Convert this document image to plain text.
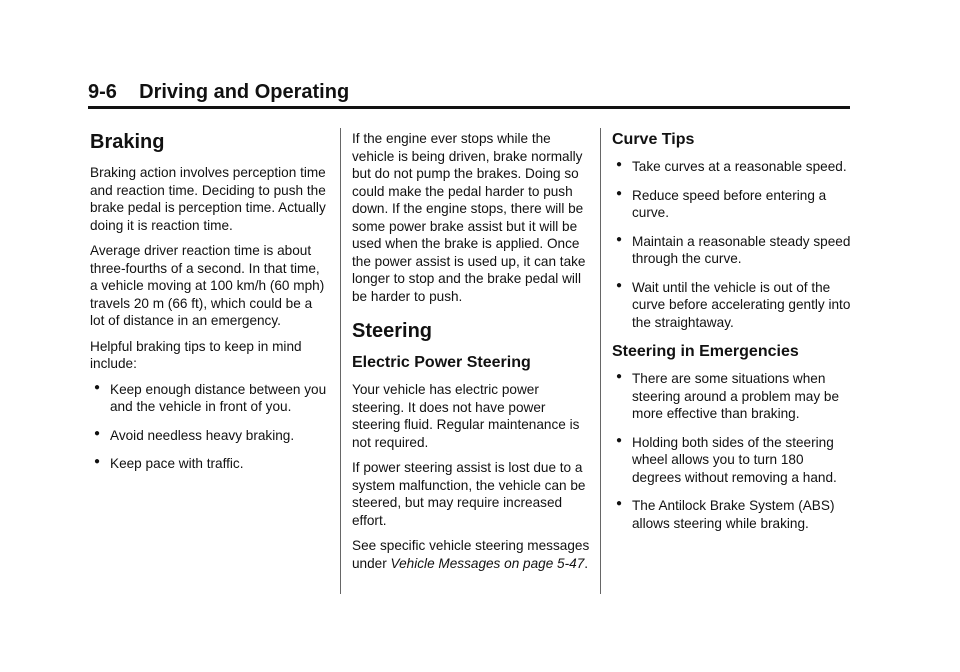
9-6 Driving and Operating
Braking
Braking action involves perception time and reaction time. Deciding to push the brake pedal is perception time. Actually doing it is reaction time.
Average driver reaction time is about three-fourths of a second. In that time, a vehicle moving at 100 km/h (60 mph) travels 20 m (66 ft), which could be a lot of distance in an emergency.
Helpful braking tips to keep in mind include:
● Keep enough distance between you and the vehicle in front of you.
● Avoid needless heavy braking.
● Keep pace with traffic.
If the engine ever stops while the vehicle is being driven, brake normally but do not pump the brakes. Doing so could make the pedal harder to push down. If the engine stops, there will be some power brake assist but it will be used when the brake is applied. Once the power assist is used up, it can take longer to stop and the brake pedal will be harder to push.
Steering
Electric Power Steering
Your vehicle has electric power steering. It does not have power steering fluid. Regular maintenance is not required.
If power steering assist is lost due to a system malfunction, the vehicle can be steered, but may require increased effort.
See specific vehicle steering messages under Vehicle Messages on page 5-47.
Curve Tips
● Take curves at a reasonable speed.
● Reduce speed before entering a curve.
● Maintain a reasonable steady speed through the curve.
● Wait until the vehicle is out of the curve before accelerating gently into the straightaway.
Steering in Emergencies
● There are some situations when steering around a problem may be more effective than braking.
● Holding both sides of the steering wheel allows you to turn 180 degrees without removing a hand.
● The Antilock Brake System (ABS) allows steering while braking.
